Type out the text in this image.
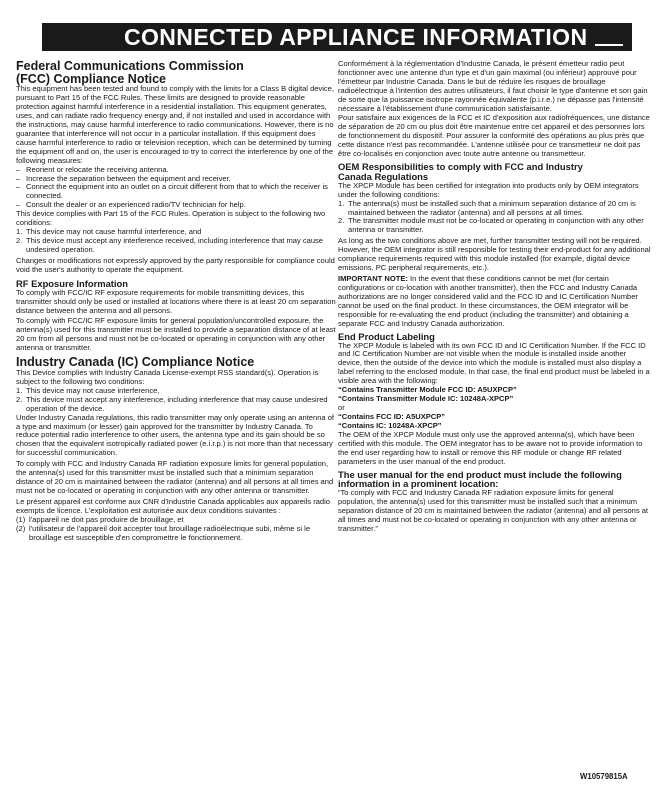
CONNECTED APPLIANCE INFORMATION
Federal Communications Commission (FCC) Compliance Notice

This equipment has been tested and found to comply with the limits for a Class B digital device, pursuant to Part 15 of the FCC Rules. These limits are designed to provide reasonable protection against harmful interference in a residential installation. This equipment generates, uses, and can radiate radio frequency energy and, if not installed and used in accordance with the instructions, may cause harmful interference to radio communications. However, there is no guarantee that interference will not occur in a particular installation. If this equipment does cause harmful interference to radio or television reception, which can be determined by turning the equipment off and on, the user is encouraged to try to correct the interference by one of the following measures:

– Reorient or relocate the receiving antenna.
– Increase the separation between the equipment and receiver.
– Connect the equipment into an outlet on a circuit different from that to which the receiver is connected.
– Consult the dealer or an experienced radio/TV technician for help.

This device complies with Part 15 of the FCC Rules. Operation is subject to the following two conditions:

1. This device may not cause harmful interference, and
2. This device must accept any interference received, including interference that may cause undesired operation.

Changes or modifications not expressly approved by the party responsible for compliance could void the user's authority to operate the equipment.

RF Exposure Information

To comply with FCC/IC RF exposure requirements for mobile transmitting devices, this transmitter should only be used or installed at locations where there is at least 20 cm separation distance between the antenna and all persons.

To comply with FCC/IC RF exposure limits for general population/uncontrolled exposure, the antenna(s) used for this transmitter must be installed to provide a separation distance of at least 20 cm from all persons and must not be co-located or operating in conjunction with any other antenna or transmitter.

Industry Canada (IC) Compliance Notice

This Device complies with Industry Canada License-exempt RSS standard(s). Operation is subject to the following two conditions:

1. This device may not cause interference,
2. This device must accept any interference, including interference that may cause undesired operation of the device.

Under Industry Canada regulations, this radio transmitter may only operate using an antenna of a type and maximum (or lesser) gain approved for the transmitter by Industry Canada. To reduce potential radio interference to other users, the antenna type and its gain should be so chosen that the equivalent isotropically radiated power (e.i.r.p.) is not more than that necessary for successful communication.

To comply with FCC and Industry Canada RF radiation exposure limits for general population, the antenna(s) used for this transmitter must be installed such that a minimum separation distance of 20 cm is maintained between the radiator (antenna) and all persons at all times and must not be co-located or operating in conjunction with any other antenna or transmitter.

Le présent appareil est conforme aux CNR d'Industrie Canada applicables aux appareils radio exempts de licence. L'exploitation est autorisée aux deux conditions suivantes :

(1) l'appareil ne doit pas produire de brouillage, et
(2) l'utilisateur de l'appareil doit accepter tout brouillage radioélectrique subi, même si le brouillage est susceptible d'en compromettre le fonctionnement.

Conformément à la réglementation d'Industrie Canada, le présent émetteur radio peut fonctionner avec une antenne d'un type et d'un gain maximal (ou inférieur) approuvé pour l'émetteur par Industrie Canada. Dans le but de réduire les risques de brouillage radioélectrique à l'intention des autres utilisateurs, il faut choisir le type d'antenne et son gain de sorte que la puissance isotrope rayonnée équivalente (p.i.r.e.) ne dépasse pas l'intensité nécessaire à l'établissement d'une communication satisfaisante.

Pour satisfaire aux exigences de la FCC et IC d'exposition aux radiofréquences, une distance de séparation de 20 cm ou plus doit être maintenue entre cet appareil et des personnes lors de fonctionnement du dispositif. Pour assurer la conformité des opérations au plus près que cette distance n'est pas recommandée. L'antenne utilisée pour ce transmetteur ne doit pas être co-localisés en conjonction avec toute autre antenne ou transmetteur.

OEM Responsibilities to comply with FCC and Industry Canada Regulations

The XPCP Module has been certified for integration into products only by OEM integrators under the following conditions:

1. The antenna(s) must be installed such that a minimum separation distance of 20 cm is maintained between the radiator (antenna) and all persons at all times.
2. The transmitter module must not be co-located or operating in conjunction with any other antenna or transmitter.

As long as the two conditions above are met, further transmitter testing will not be required. However, the OEM integrator is still responsible for testing their end-product for any additional compliance requirements required with this module installed (for example, digital device emissions, PC peripheral requirements, etc.).

IMPORTANT NOTE: In the event that these conditions cannot be met (for certain configurations or co-location with another transmitter), then the FCC and Industry Canada authorizations are no longer considered valid and the FCC ID and IC Certification Number cannot be used on the final product. In these circumstances, the OEM integrator will be responsible for re-evaluating the end product (including the transmitter) and obtaining a separate FCC and Industry Canada authorization.

End Product Labeling

The XPCP Module is labeled with its own FCC ID and IC Certification Number. If the FCC ID and IC Certification Number are not visible when the module is installed inside another device, then the outside of the device into which the module is installed must also display a label referring to the enclosed module. In that case, the final end product must be labeled in a visible area with the following:

“Contains Transmitter Module FCC ID: A5UXPCP”

“Contains Transmitter Module IC: 10248A-XPCP”

or

“Contains FCC ID: A5UXPCP”

“Contains IC: 10248A-XPCP”

The OEM of the XPCP Module must only use the approved antenna(s), which have been certified with this module. The OEM integrator has to be aware not to provide information to the end user regarding how to install or remove this RF module or change RF related parameters in the user manual of the end product.

The user manual for the end product must include the following information in a prominent location:

“To comply with FCC and Industry Canada RF radiation exposure limits for general population, the antenna(s) used for this transmitter must be installed such that a minimum separation distance of 20 cm is maintained between the radiator (antenna) and all persons at all times and must not be co-located or operating in conjunction with any other antenna or transmitter.”

W10579815A
